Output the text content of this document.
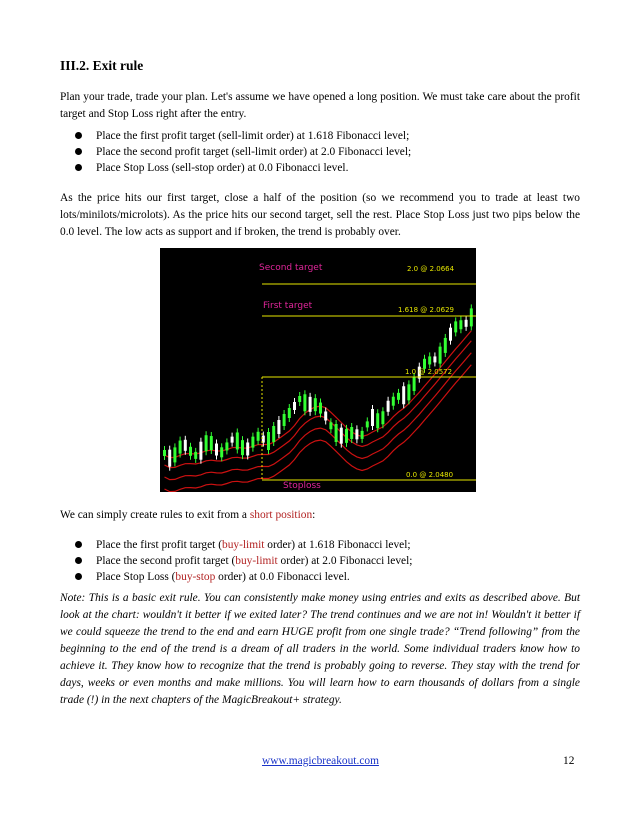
III.2. Exit rule

Plan your trade, trade your plan. Let's assume we have opened a long position. We must take care about the profit target and Stop Loss right after the entry.

Place the first profit target (sell-limit order) at 1.618 Fibonacci level;
Place the second profit target (sell-limit order) at 2.0 Fibonacci level;
Place Stop Loss (sell-stop order) at 0.0 Fibonacci level.

As the price hits our first target, close a half of the position (so we recommend you to trade at least two lots/minilots/microlots). As the price hits our second target, sell the rest. Place Stop Loss just two pips below the 0.0 level. The low acts as support and if broken, the trend is probably over.

Second target
First target
Stoploss
2.0 @ 2.0664
1.618 @ 2.0629
1.0 @ 2.0572
0.0 @ 2.0480

We can simply create rules to exit from a short position:

Place the first profit target (buy-limit order) at 1.618 Fibonacci level;
Place the second profit target (buy-limit order) at 2.0 Fibonacci level;
Place Stop Loss (buy-stop order) at 0.0 Fibonacci level.

Note: This is a basic exit rule. You can consistently make money using entries and exits as described above. But look at the chart: wouldn't it better if we exited later? The trend continues and we are not in! Wouldn't it better if we could squeeze the trend to the end and earn HUGE profit from one single trade? “Trend following” from the beginning to the end of the trend is a dream of all traders in the world. Some individual traders know how to achieve it. They know how to recognize that the trend is probably going to reverse. They stay with the trend for days, weeks or even months and make millions. You will learn how to earn thousands of dollars from a single trade (!) in the next chapters of the MagicBreakout+ strategy.

www.magicbreakout.com	12
